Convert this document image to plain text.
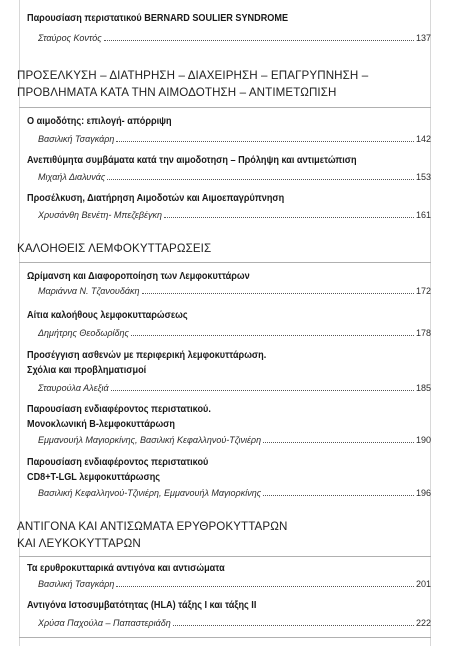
Παρουσίαση περιστατικού BERNARD SOULIER SYNDROME
Σταύρος Κοντός	137
ΠΡΟΣΕΛΚΥΣΗ – ΔΙΑΤΗΡΗΣΗ – ΔΙΑΧΕΙΡΗΣΗ – ΕΠΑΓΡΥΠΝΗΣΗ –
ΠΡΟΒΛΗΜΑΤΑ ΚΑΤΑ ΤΗΝ ΑΙΜΟΔΟΤΗΣΗ – ΑΝΤΙΜΕΤΩΠΙΣΗ
Ο αιμοδότης: επιλογή- απόρριψη
Βασιλική Τσαγκάρη	142
Ανεπιθύμητα συμβάματα κατά την αιμοδοτηση – Πρόληψη και αντιμετώπιση
Μιχαήλ Διαλυνάς	153
Προσέλκυση, Διατήρηση Αιμοδοτών και Αιμοεπαγρύπνηση
Χρυσάνθη Βενέτη- Μπεζεβέγκη	161
ΚΑΛΟΗΘΕΙΣ ΛΕΜΦΟΚΥΤΤΑΡΩΣΕΙΣ
Ωρίμανση και Διαφοροποίηση των Λεμφοκυττάρων
Μαριάννα Ν. Τζανουδάκη	172
Αίτια καλοήθους λεμφοκυτταρώσεως
Δημήτρης Θεοδωρίδης	178
Προσέγγιση ασθενών με περιφερική λεμφοκυττάρωση.
Σχόλια και προβληματισμοί
Σταυρούλα Αλεξιά	185
Παρουσίαση ενδιαφέροντος περιστατικού.
Μονοκλωνική Β-λεμφοκυττάρωση
Εμμανουήλ Μαγιορκίνης, Βασιλική Κεφαλληνού-Τζινιέρη	190
Παρουσίαση ενδιαφέροντος περιστατικού
CD8+T-LGL λεμφοκυττάρωσης
Βασιλική Κεφαλληνού-Τζινιέρη, Εμμανουήλ Μαγιορκίνης	196
ΑΝΤΙΓΟΝΑ ΚΑΙ ΑΝΤΙΣΩΜΑΤΑ ΕΡΥΘΡΟΚΥΤΤΑΡΩΝ
ΚΑΙ ΛΕΥΚΟΚΥΤΤΑΡΩΝ
Τα ερυθροκυτταρικά αντιγόνα και αντισώματα
Βασιλική Τσαγκάρη	201
Αντιγόνα Ιστοσυμβατότητας (HLA) τάξης Ι και τάξης ΙΙ
Χρύσα Παχούλα – Παπαστεριάδη	222
